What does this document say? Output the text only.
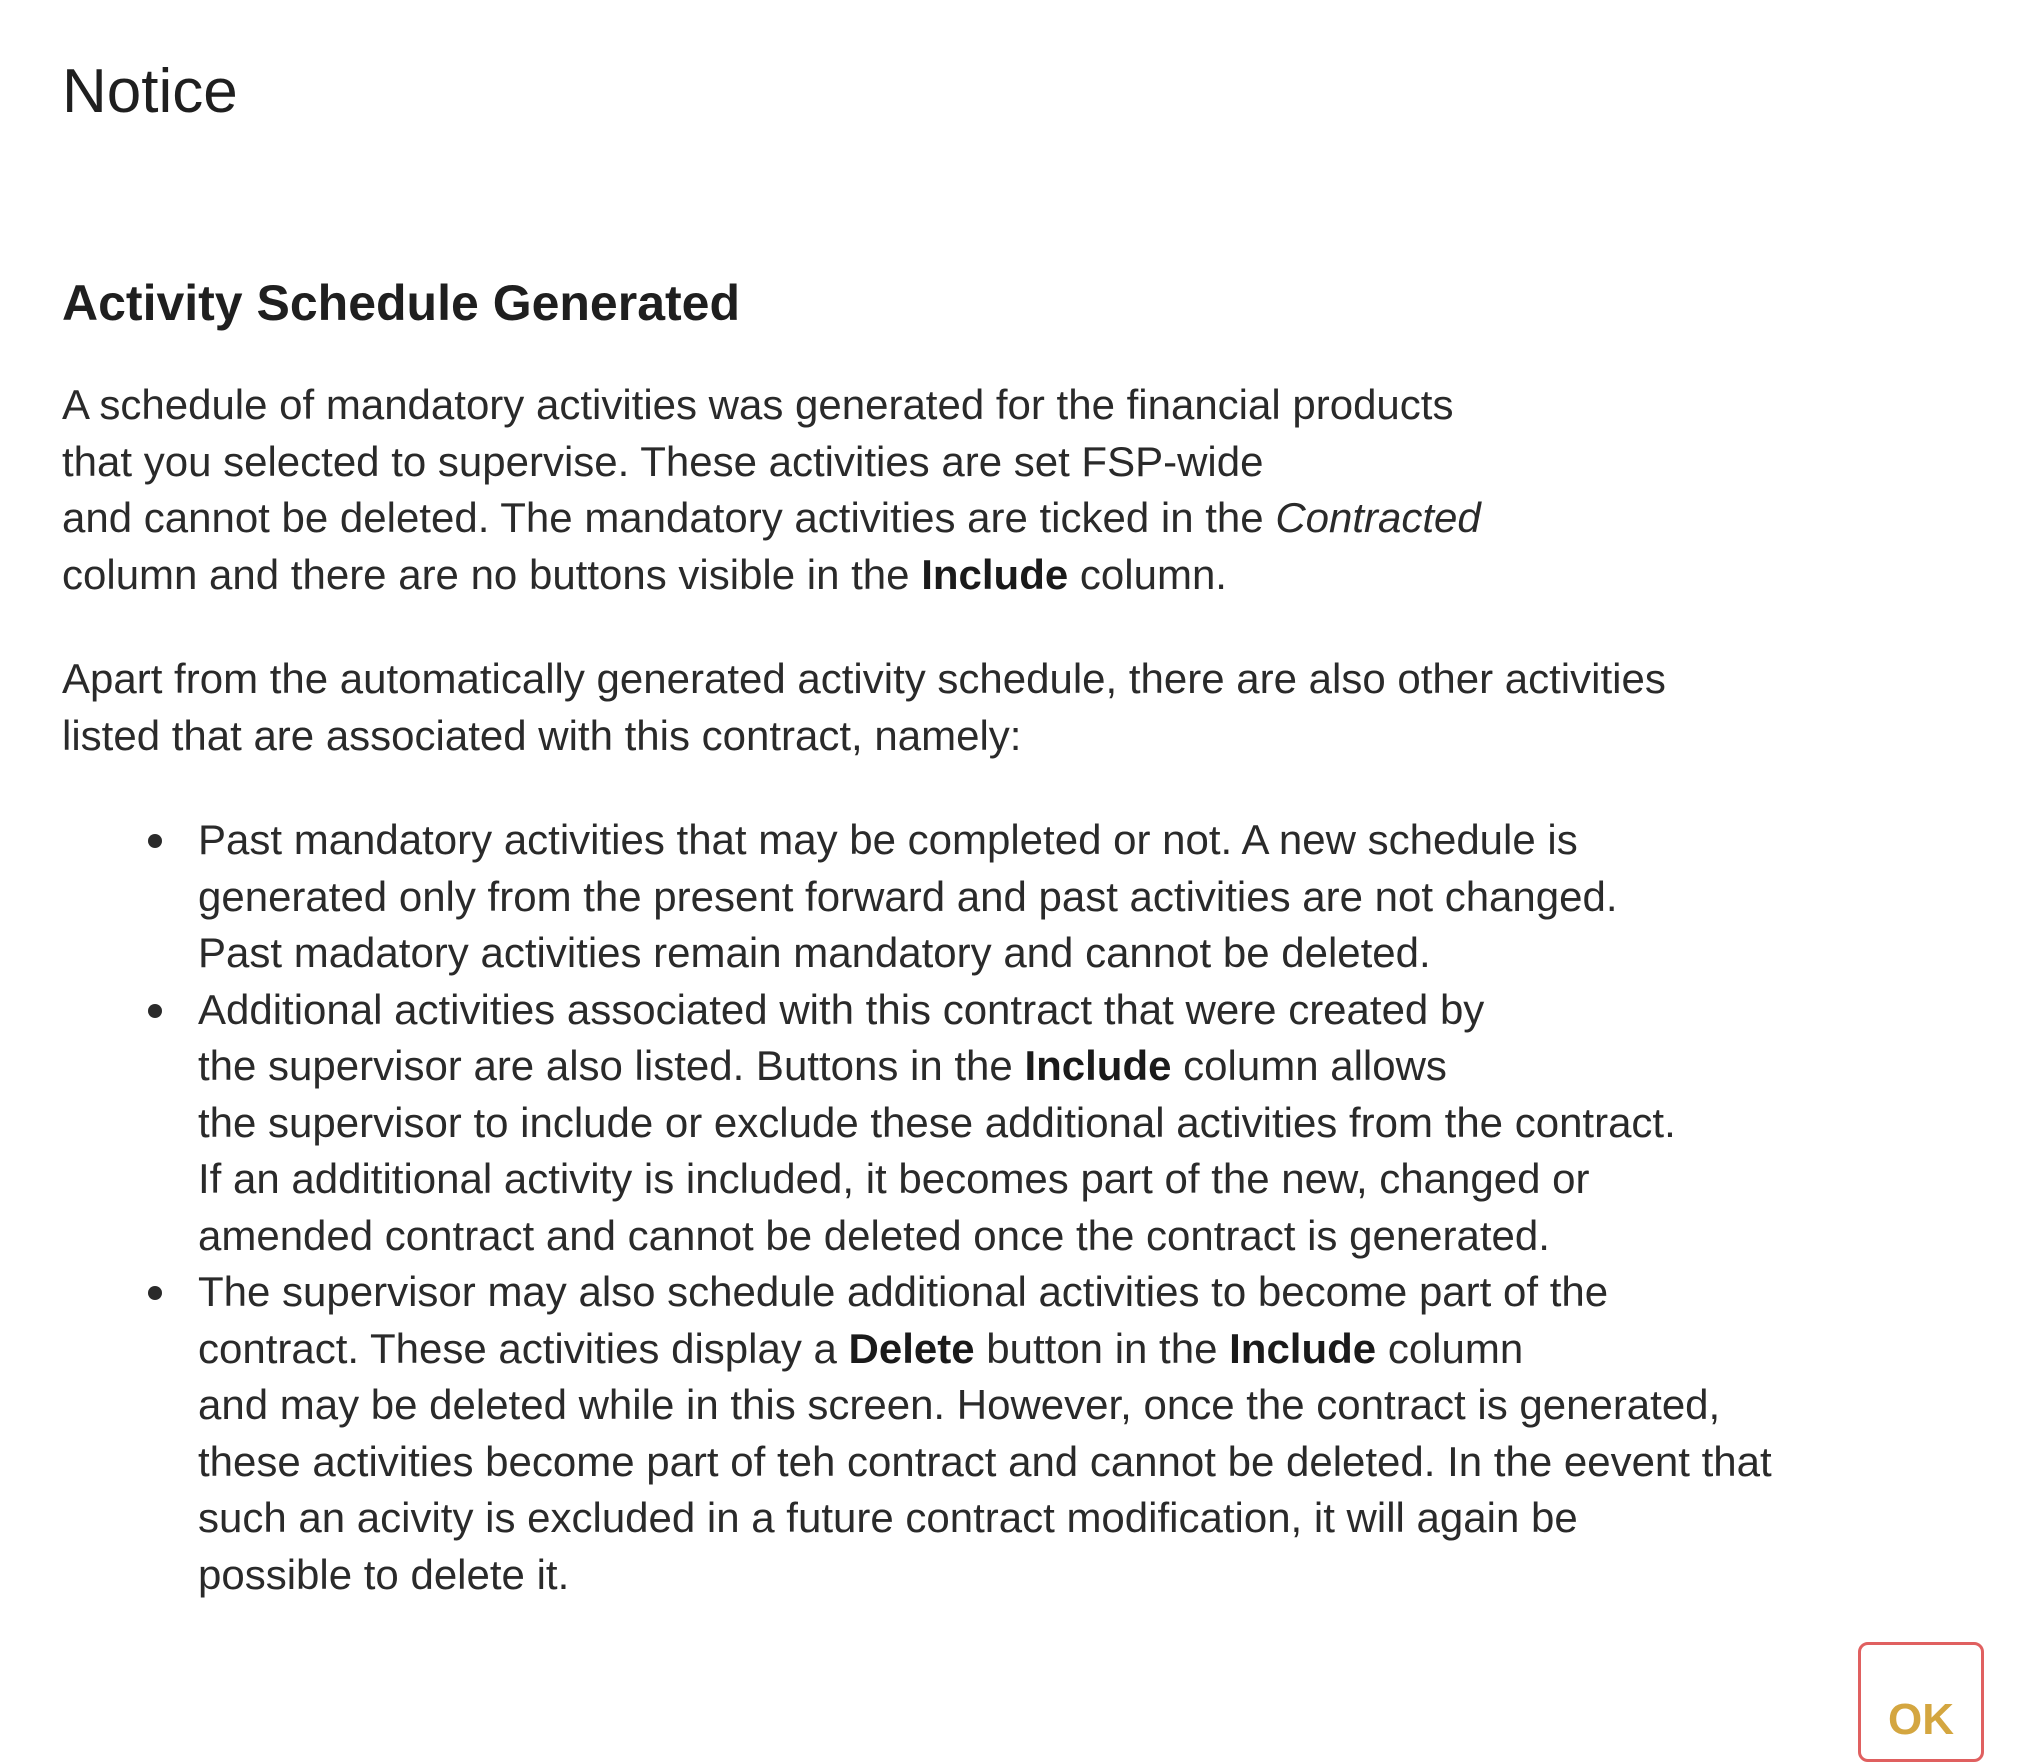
Notice
Activity Schedule Generated

A schedule of mandatory activities was generated for the financial products
that you selected to supervise. These activities are set FSP-wide
and cannot be deleted. The mandatory activities are ticked in the Contracted
column and there are no buttons visible in the Include column.

Apart from the automatically generated activity schedule, there are also other activities
listed that are associated with this contract, namely:

Past mandatory activities that may be completed or not. A new schedule is
generated only from the present forward and past activities are not changed.
Past madatory activities remain mandatory and cannot be deleted.
Additional activities associated with this contract that were created by
the supervisor are also listed. Buttons in the Include column allows
the supervisor to include or exclude these additional activities from the contract.
If an addititional activity is included, it becomes part of the new, changed or
amended contract and cannot be deleted once the contract is generated.
The supervisor may also schedule additional activities to become part of the
contract. These activities display a Delete button in the Include column
and may be deleted while in this screen. However, once the contract is generated,
these activities become part of teh contract and cannot be deleted. In the eevent that
such an acivity is excluded in a future contract modification, it will again be
possible to delete it.
OK
